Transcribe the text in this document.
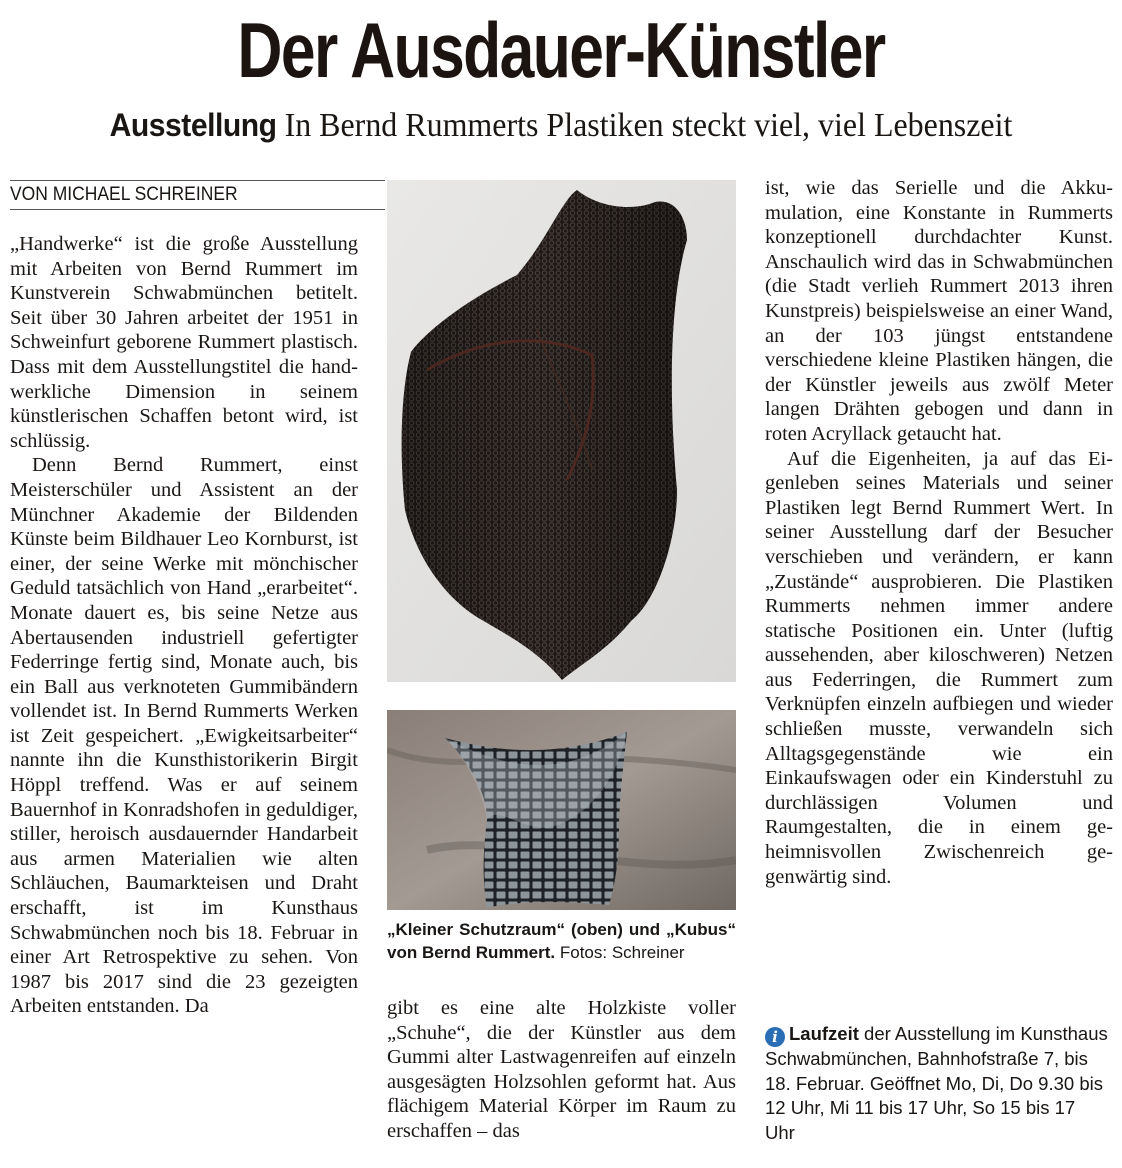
Der Ausdauer-Künstler
Ausstellung In Bernd Rummerts Plastiken steckt viel, viel Lebenszeit
VON MICHAEL SCHREINER

„Handwerke“ ist die große Ausstellung mit Arbeiten von Bernd Rummert im Kunstverein Schwabmünchen betitelt. Seit über 30 Jahren arbeitet der 1951 in Schweinfurt geborene Rummert plastisch. Dass mit dem Ausstellungstitel die handwerkliche Dimension in seinem künstlerischen Schaffen betont wird, ist schlüssig.

Denn Bernd Rummert, einst Meisterschüler und Assistent an der Münchner Akademie der Bildenden Künste beim Bildhauer Leo Kornburst, ist einer, der seine Werke mit mönchischer Geduld tatsächlich von Hand „erarbeitet“. Monate dauert es, bis seine Netze aus Abertausenden industriell gefertigter Federringe fertig sind, Monate auch, bis ein Ball aus verknoteten Gummibändern vollendet ist. In Bernd Rummerts Werken ist Zeit gespeichert. „Ewigkeitsarbeiter“ nannte ihn die Kunsthistorikerin Birgit Höppl treffend. Was er auf seinem Bauernhof in Konradshofen in geduldiger, stiller, heroisch ausdauernder Handarbeit aus armen Materialien wie alten Schläuchen, Baumarkteisen und Draht erschafft, ist im Kunsthaus Schwabmünchen noch bis 18. Februar in einer Art Retrospektive zu sehen. Von 1987 bis 2017 sind die 23 gezeigten Arbeiten entstanden. Da

„Kleiner Schutzraum“ (oben) und „Kubus“ von Bernd Rummert. Fotos: Schreiner

gibt es eine alte Holzkiste voller „Schuhe“, die der Künstler aus dem Gummi alter Lastwagenreifen auf einzeln ausgesägten Holzsohlen geformt hat. Aus flächigem Material Körper im Raum zu erschaffen – das

ist, wie das Serielle und die Akkumulation, eine Konstante in Rummerts konzeptionell durchdachter Kunst. Anschaulich wird das in Schwabmünchen (die Stadt verlieh Rummert 2013 ihren Kunstpreis) beispielsweise an einer Wand, an der 103 jüngst entstandene verschiedene kleine Plastiken hängen, die der Künstler jeweils aus zwölf Meter langen Drähten gebogen und dann in roten Acryllack getaucht hat.

Auf die Eigenheiten, ja auf das Eigenleben seines Materials und seiner Plastiken legt Bernd Rummert Wert. In seiner Ausstellung darf der Besucher verschieben und verändern, er kann „Zustände“ ausprobieren. Die Plastiken Rummerts nehmen immer andere statische Positionen ein. Unter (luftig aussehenden, aber kiloschweren) Netzen aus Federringen, die Rummert zum Verknüpfen einzeln aufbiegen und wieder schließen musste, verwandeln sich Alltagsgegenstände wie ein Einkaufswagen oder ein Kinderstuhl zu durchlässigen Volumen und Raumgestalten, die in einem geheimnisvollen Zwischenreich gegenwärtig sind.

i Laufzeit der Ausstellung im Kunsthaus Schwabmünchen, Bahnhofstraße 7, bis 18. Februar. Geöffnet Mo, Di, Do 9.30 bis 12 Uhr, Mi 11 bis 17 Uhr, So 15 bis 17 Uhr
